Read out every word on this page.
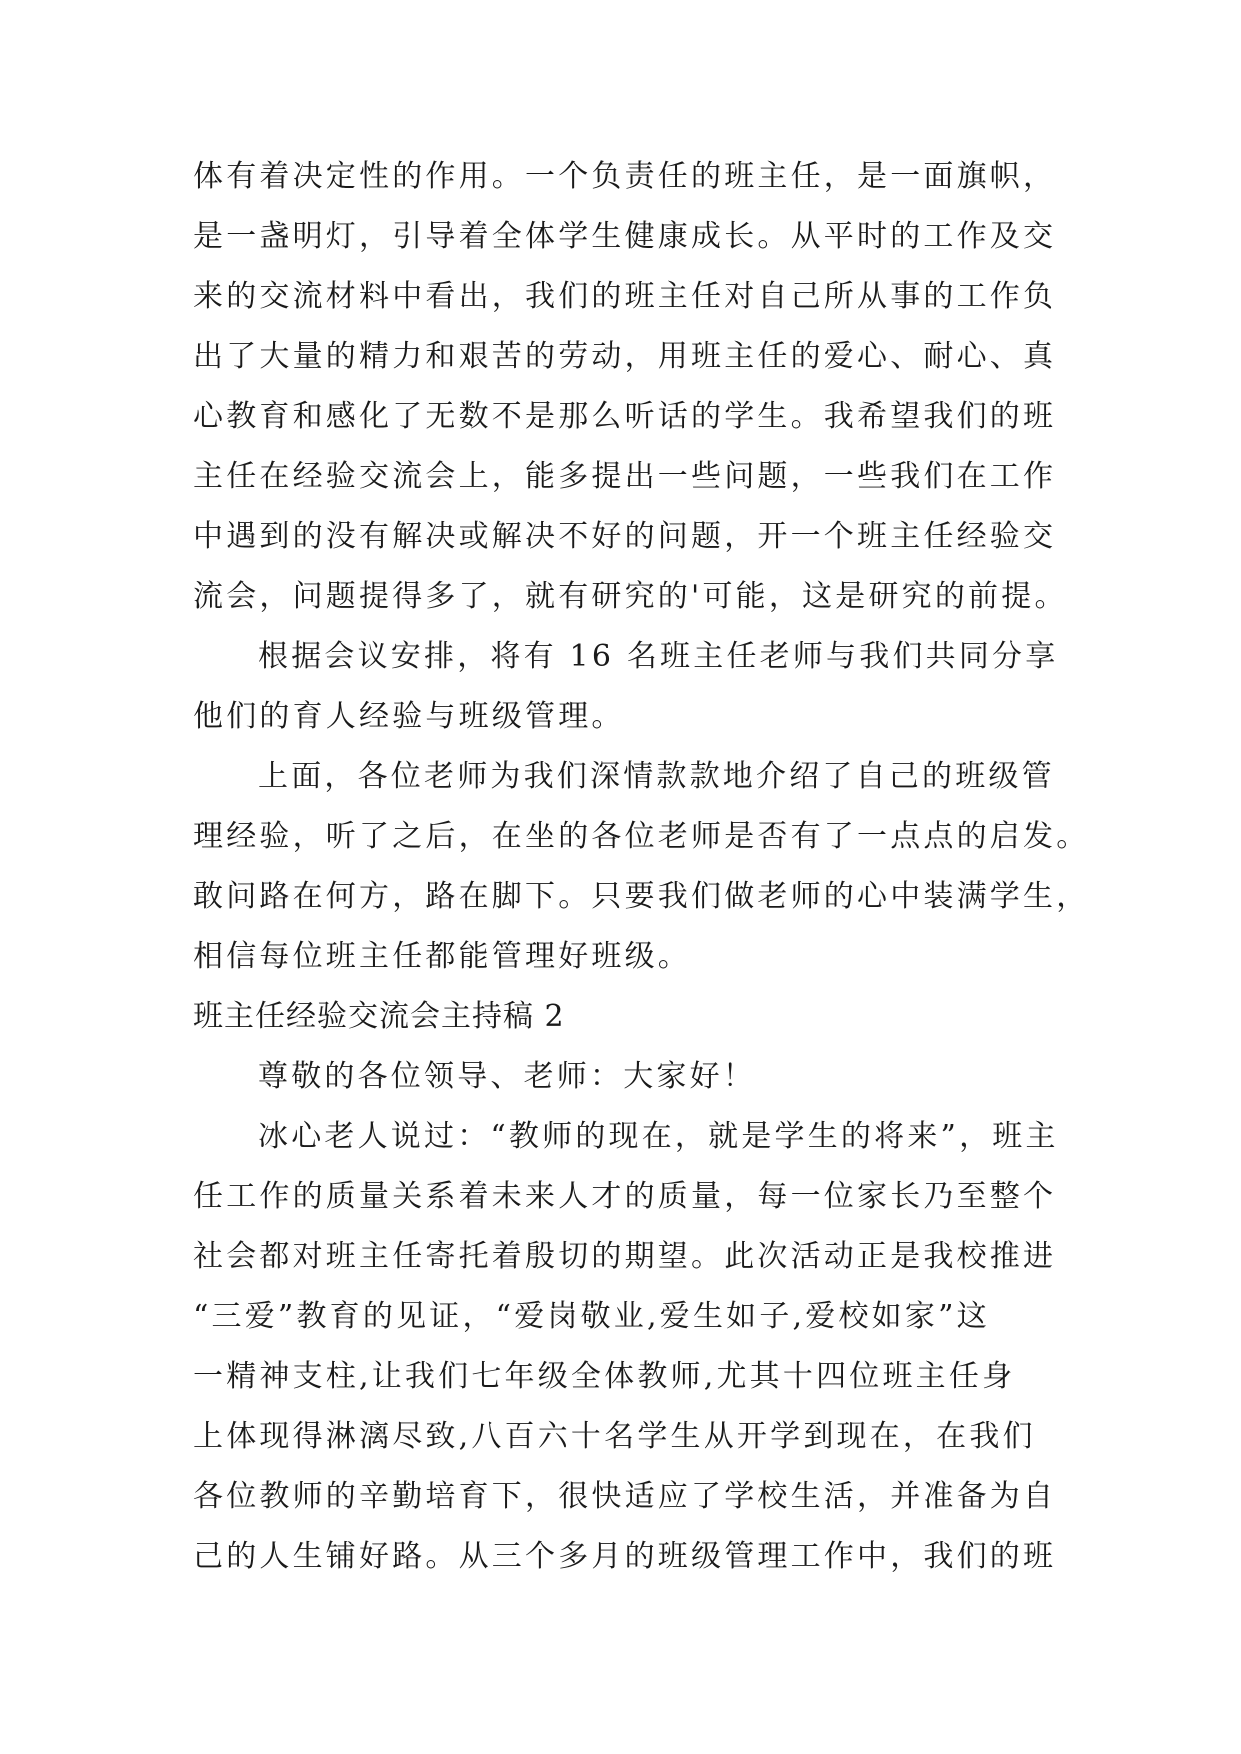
体有着决定性的作用。一个负责任的班主任，是一面旗帜，
是一盏明灯，引导着全体学生健康成长。从平时的工作及交
来的交流材料中看出，我们的班主任对自己所从事的工作负
出了大量的精力和艰苦的劳动，用班主任的爱心、耐心、真
心教育和感化了无数不是那么听话的学生。我希望我们的班
主任在经验交流会上，能多提出一些问题，一些我们在工作
中遇到的没有解决或解决不好的问题，开一个班主任经验交
流会，问题提得多了，就有研究的'可能，这是研究的前提。
根据会议安排，将有 16 名班主任老师与我们共同分享
他们的育人经验与班级管理。
上面，各位老师为我们深情款款地介绍了自己的班级管
理经验，听了之后，在坐的各位老师是否有了一点点的启发。
敢问路在何方，路在脚下。只要我们做老师的心中装满学生，
相信每位班主任都能管理好班级。
班主任经验交流会主持稿 2
尊敬的各位领导、老师：大家好！
冰心老人说过：“教师的现在，就是学生的将来”，班主
任工作的质量关系着未来人才的质量，每一位家长乃至整个
社会都对班主任寄托着殷切的期望。此次活动正是我校推进
“三爱”教育的见证，“爱岗敬业,爱生如子,爱校如家”这
一精神支柱,让我们七年级全体教师,尤其十四位班主任身
上体现得淋漓尽致,八百六十名学生从开学到现在，在我们
各位教师的辛勤培育下，很快适应了学校生活，并准备为自
己的人生铺好路。从三个多月的班级管理工作中，我们的班
